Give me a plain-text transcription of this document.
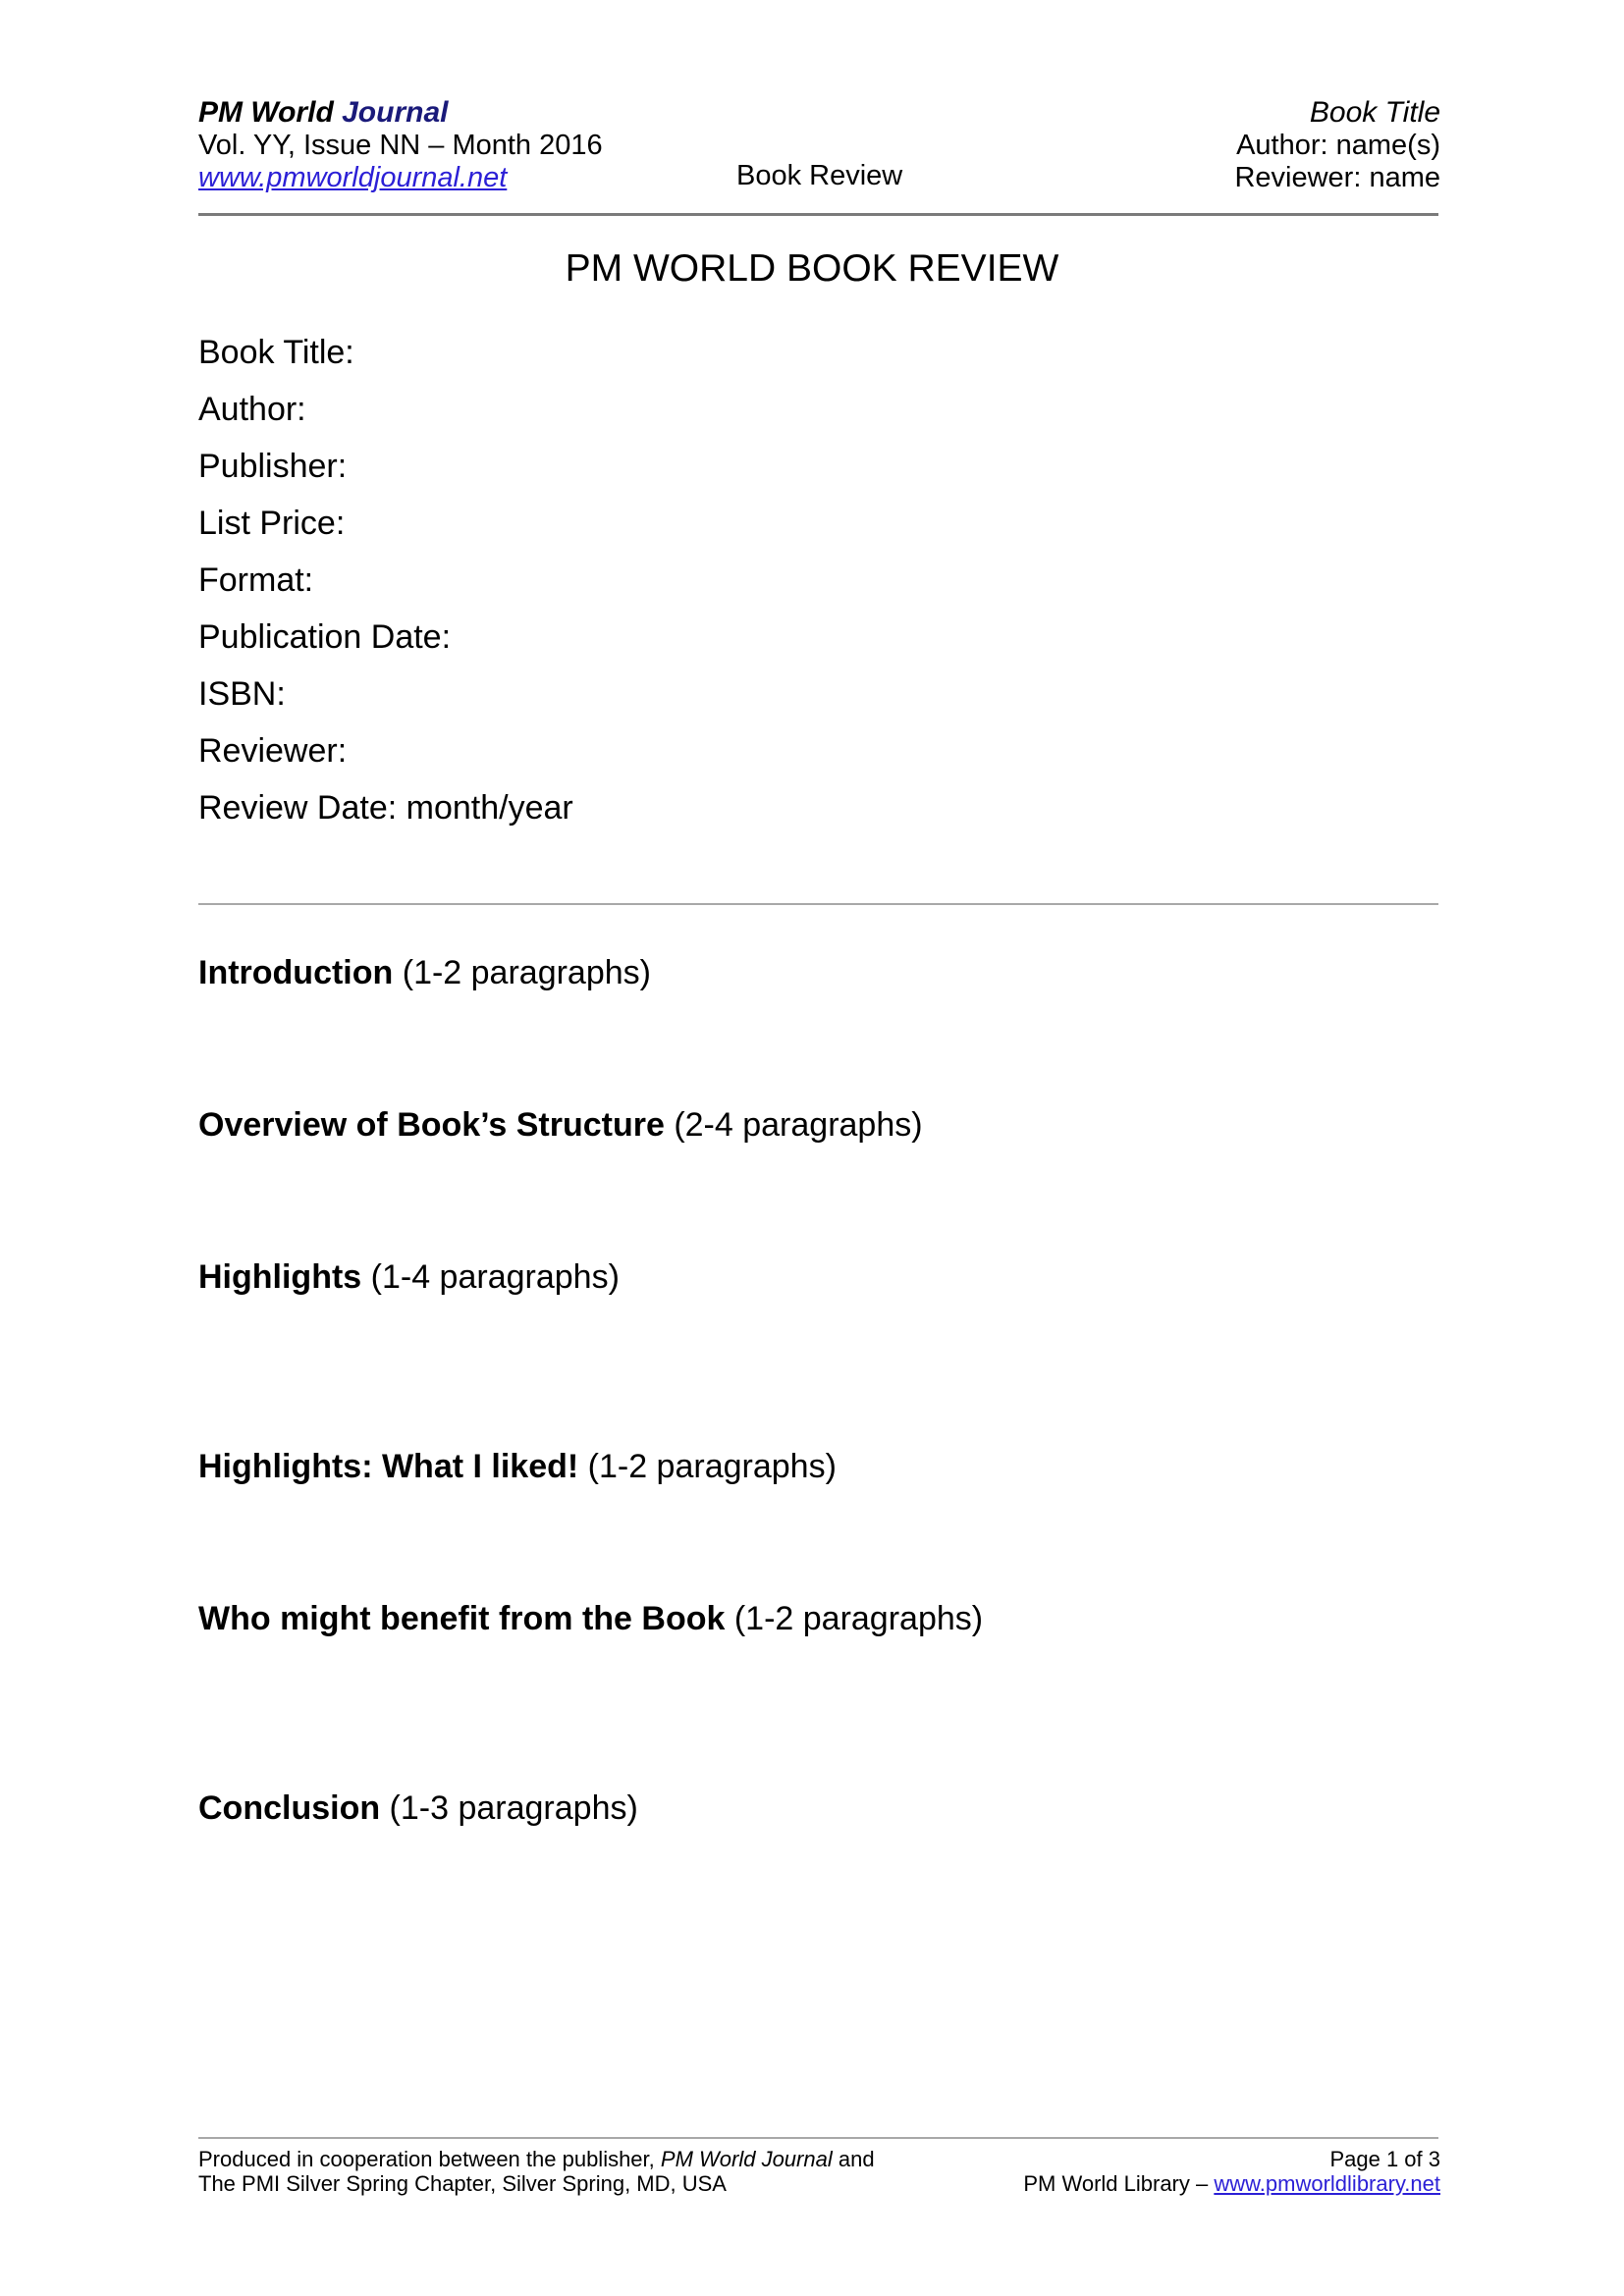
PM World Journal
Vol. YY, Issue NN – Month 2016
www.pmworldjournal.net	Book Review
Book Title
Author: name(s)
Reviewer: name
PM WORLD BOOK REVIEW
Book Title:
Author:
Publisher:
List Price:
Format:
Publication Date:
ISBN:
Reviewer:
Review Date: month/year
Introduction (1-2 paragraphs)
Overview of Book’s Structure (2-4 paragraphs)
Highlights (1-4 paragraphs)
Highlights: What I liked! (1-2 paragraphs)
Who might benefit from the Book (1-2 paragraphs)
Conclusion (1-3 paragraphs)
Produced in cooperation between the publisher, PM World Journal and
The PMI Silver Spring Chapter, Silver Spring, MD, USA
Page 1 of 3
PM World Library – www.pmworldlibrary.net
